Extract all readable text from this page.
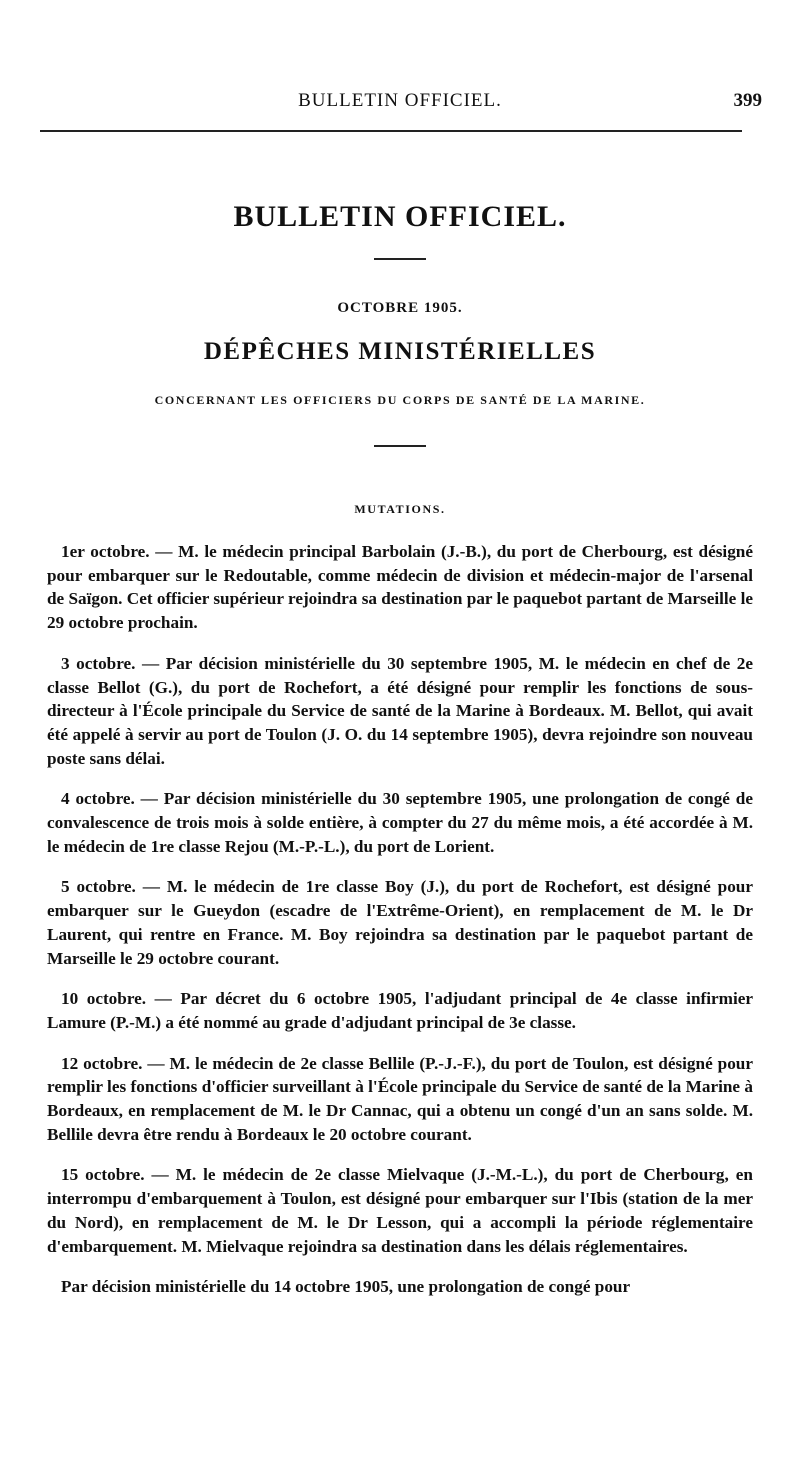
BULLETIN OFFICIEL.	399
BULLETIN OFFICIEL.
OCTOBRE 1905.
DÉPÊCHES MINISTÉRIELLES
CONCERNANT LES OFFICIERS DU CORPS DE SANTÉ DE LA MARINE.
MUTATIONS.

1er octobre. — M. le médecin principal Barbolain (J.-B.), du port de Cherbourg, est désigné pour embarquer sur le Redoutable, comme médecin de division et médecin-major de l'arsenal de Saïgon. Cet officier supérieur rejoindra sa destination par le paquebot partant de Marseille le 29 octobre prochain.

3 octobre. — Par décision ministérielle du 30 septembre 1905, M. le médecin en chef de 2e classe Bellot (G.), du port de Rochefort, a été désigné pour remplir les fonctions de sous-directeur à l'École principale du Service de santé de la Marine à Bordeaux. M. Bellot, qui avait été appelé à servir au port de Toulon (J. O. du 14 septembre 1905), devra rejoindre son nouveau poste sans délai.

4 octobre. — Par décision ministérielle du 30 septembre 1905, une prolongation de congé de convalescence de trois mois à solde entière, à compter du 27 du même mois, a été accordée à M. le médecin de 1re classe Rejou (M.-P.-L.), du port de Lorient.

5 octobre. — M. le médecin de 1re classe Boy (J.), du port de Rochefort, est désigné pour embarquer sur le Gueydon (escadre de l'Extrême-Orient), en remplacement de M. le Dr Laurent, qui rentre en France. M. Boy rejoindra sa destination par le paquebot partant de Marseille le 29 octobre courant.

10 octobre. — Par décret du 6 octobre 1905, l'adjudant principal de 4e classe infirmier Lamure (P.-M.) a été nommé au grade d'adjudant principal de 3e classe.

12 octobre. — M. le médecin de 2e classe Bellile (P.-J.-F.), du port de Toulon, est désigné pour remplir les fonctions d'officier surveillant à l'École principale du Service de santé de la Marine à Bordeaux, en remplacement de M. le Dr Cannac, qui a obtenu un congé d'un an sans solde. M. Bellile devra être rendu à Bordeaux le 20 octobre courant.

15 octobre. — M. le médecin de 2e classe Mielvaque (J.-M.-L.), du port de Cherbourg, en interrompu d'embarquement à Toulon, est désigné pour embarquer sur l'Ibis (station de la mer du Nord), en remplacement de M. le Dr Lesson, qui a accompli la période réglementaire d'embarquement. M. Mielvaque rejoindra sa destination dans les délais réglementaires.

Par décision ministérielle du 14 octobre 1905, une prolongation de congé pour
